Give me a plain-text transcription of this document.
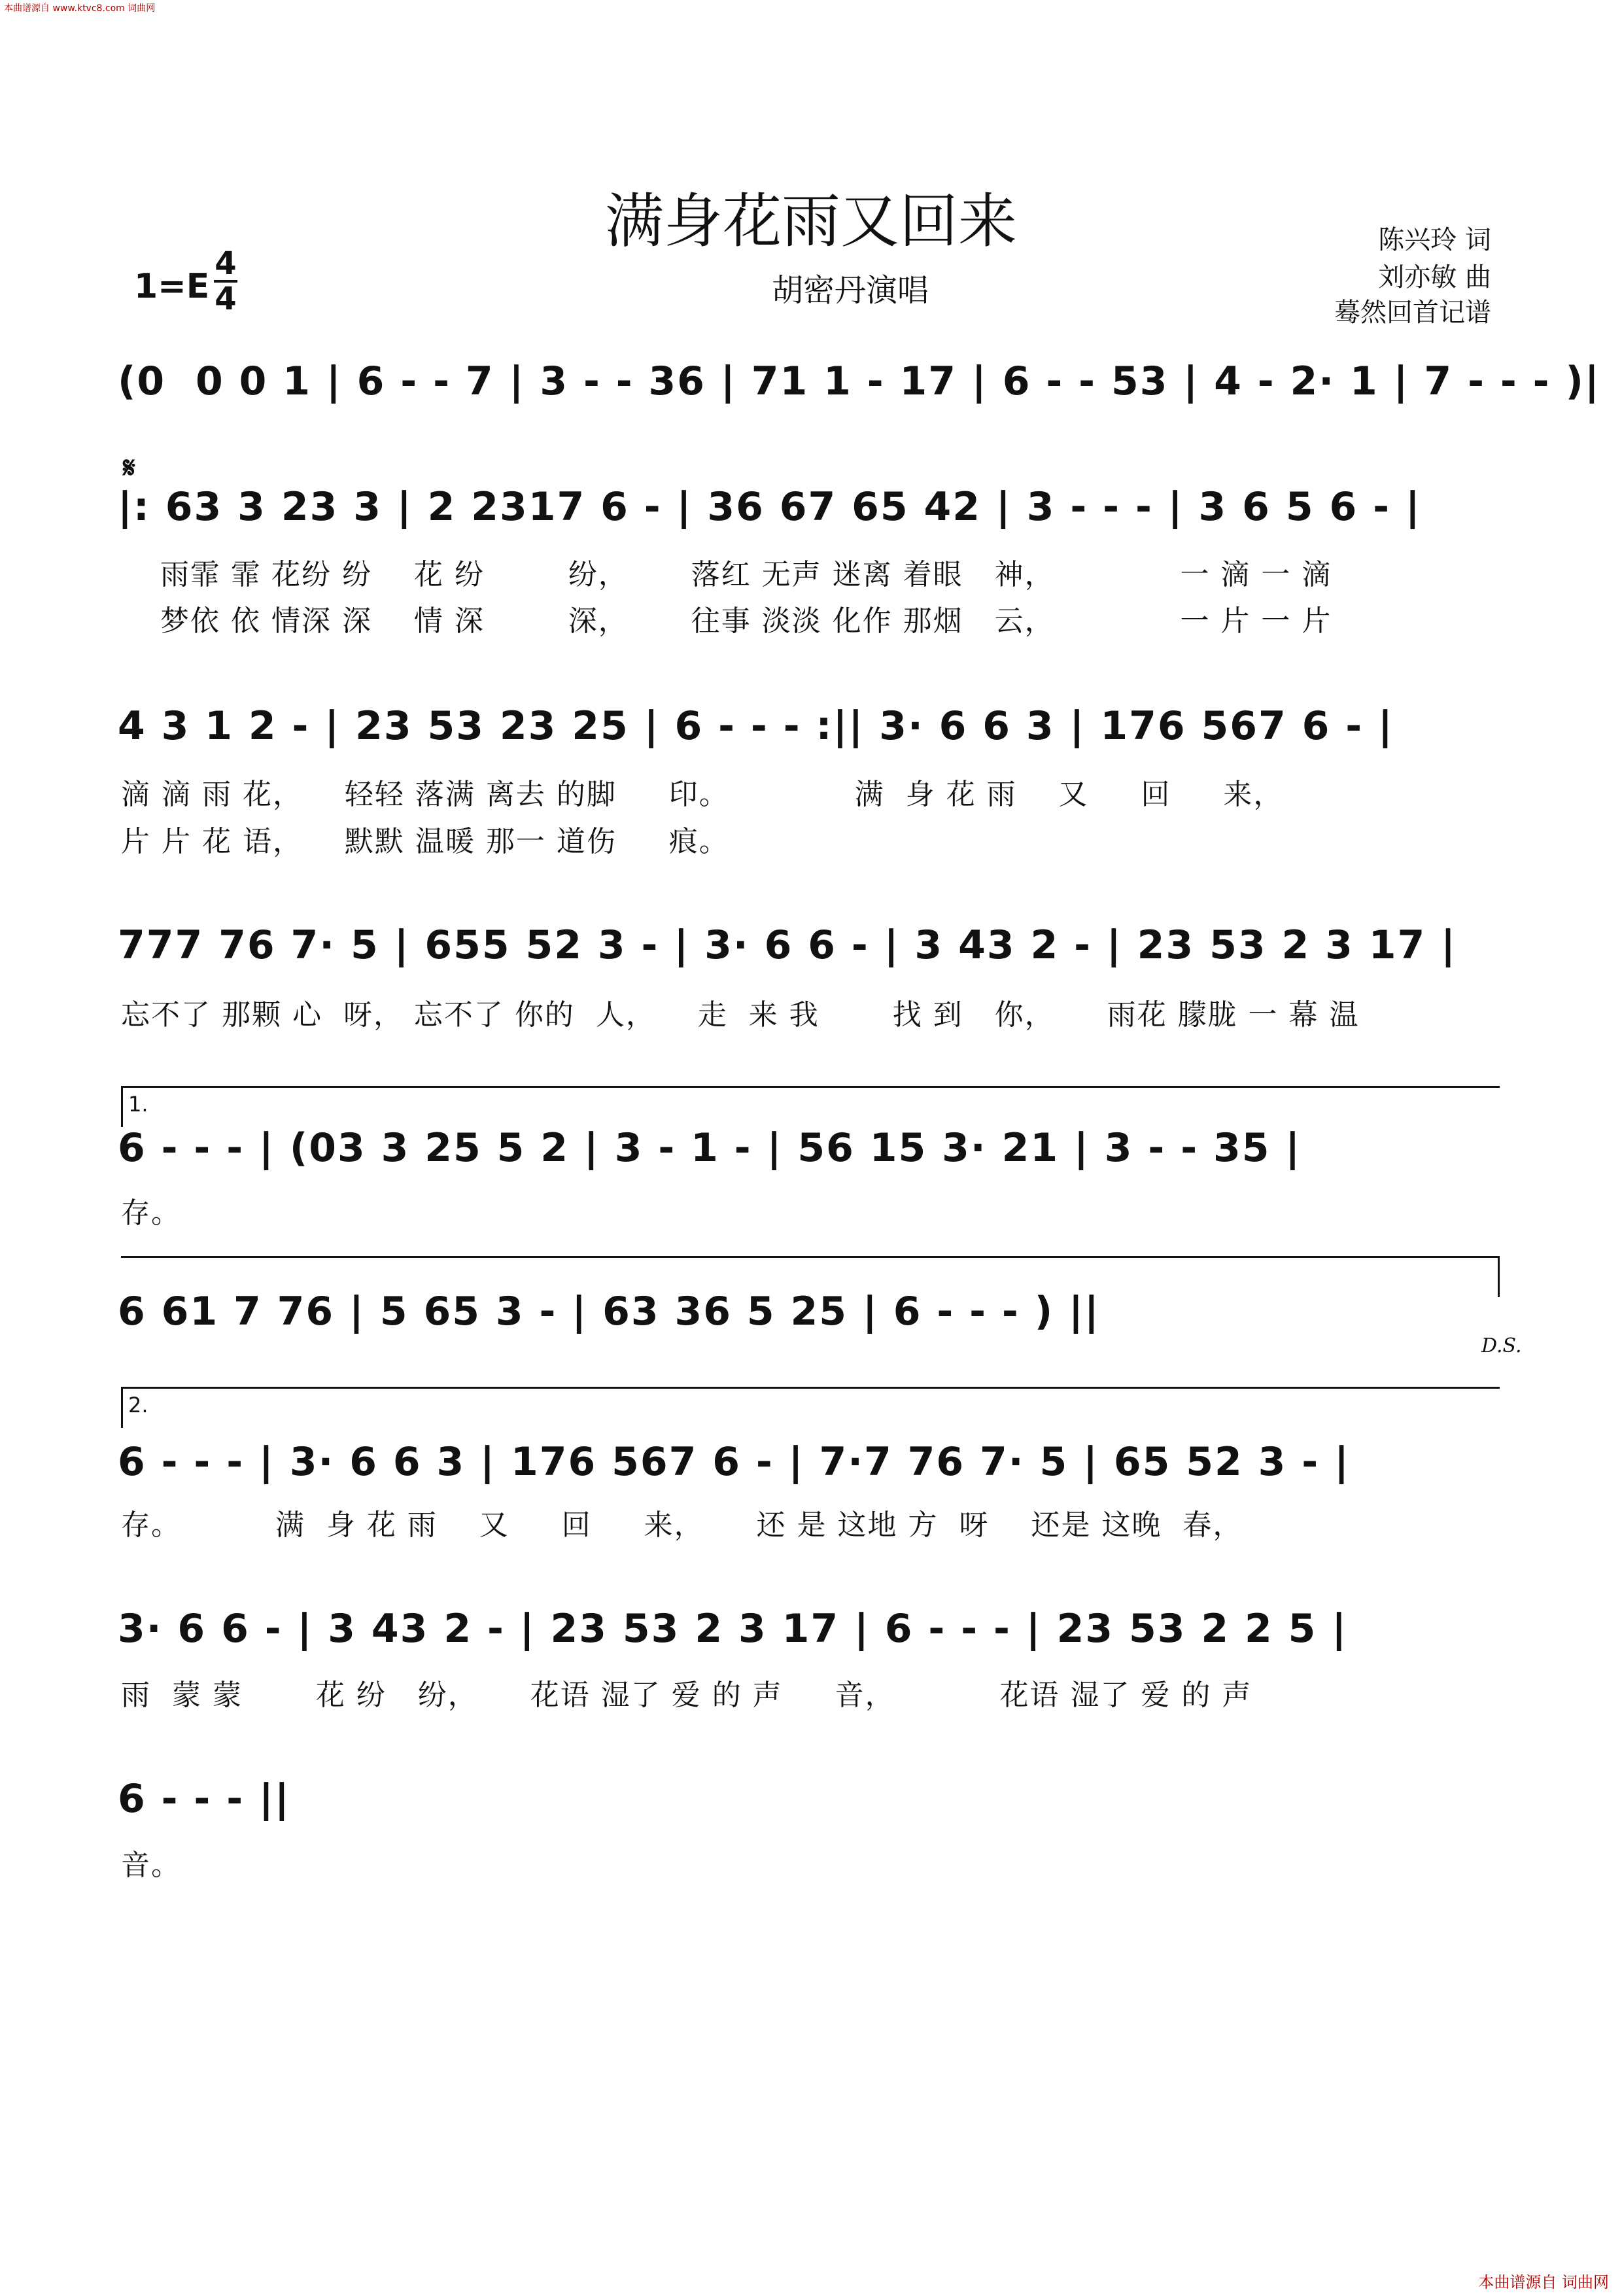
本曲谱源自 www.ktvc8.com 词曲网
满身花雨又回来
胡密丹演唱
陈兴玲 词
刘亦敏 曲
蓦然回首记谱
1=E
4
4
(0  0 0 1 | 6 - - 7 | 3 - - 36 | 71 1 - 17 | 6 - - 53 | 4 - 2· 1 | 7 - - - )|
𝄋
|: 63 3 23 3 | 2 2317 6 - | 36 67 65 42 | 3 - - - | 3 6 5 6 - |
雨霏 霏 花纷 纷    花 纷        纷，      落红 无声 迷离 着眼   神，            一 滴 一 滴
梦依 依 情深 深    情 深        深，      往事 淡淡 化作 那烟   云，            一 片 一 片
4 3 1 2 - | 23 53 23 25 | 6 - - - :|| 3· 6 6 3 | 176 567 6 - |
滴 滴 雨 花，    轻轻 落满 离去 的脚     印。            满  身 花 雨    又     回     来，
片 片 花 语，    默默 温暖 那一 道伤     痕。
777 76 7· 5 | 655 52 3 - | 3· 6 6 - | 3 43 2 - | 23 53 2 3 17 |
忘不了 那颗 心  呀， 忘不了 你的  人，    走  来 我       找 到   你，     雨花 朦胧 一 幕 温
1.
6 - - - | (03 3 25 5 2 | 3 - 1 - | 56 15 3· 21 | 3 - - 35 |
存。
6 61 7 76 | 5 65 3 - | 63 36 5 25 | 6 - - - ) ||
D.S.
2.
6 - - - | 3· 6 6 3 | 176 567 6 - | 7·7 76 7· 5 | 65 52 3 - |
存。         满  身 花 雨    又     回     来，     还 是 这地 方  呀    还是 这晚  春，
3· 6 6 - | 3 43 2 - | 23 53 2 3 17 | 6 - - - | 23 53 2 2 5 |
雨  蒙 蒙       花 纷   纷，     花语 湿了 爱 的 声     音，          花语 湿了 爱 的 声
6 - - - ||
音。
本曲谱源自 词曲网
